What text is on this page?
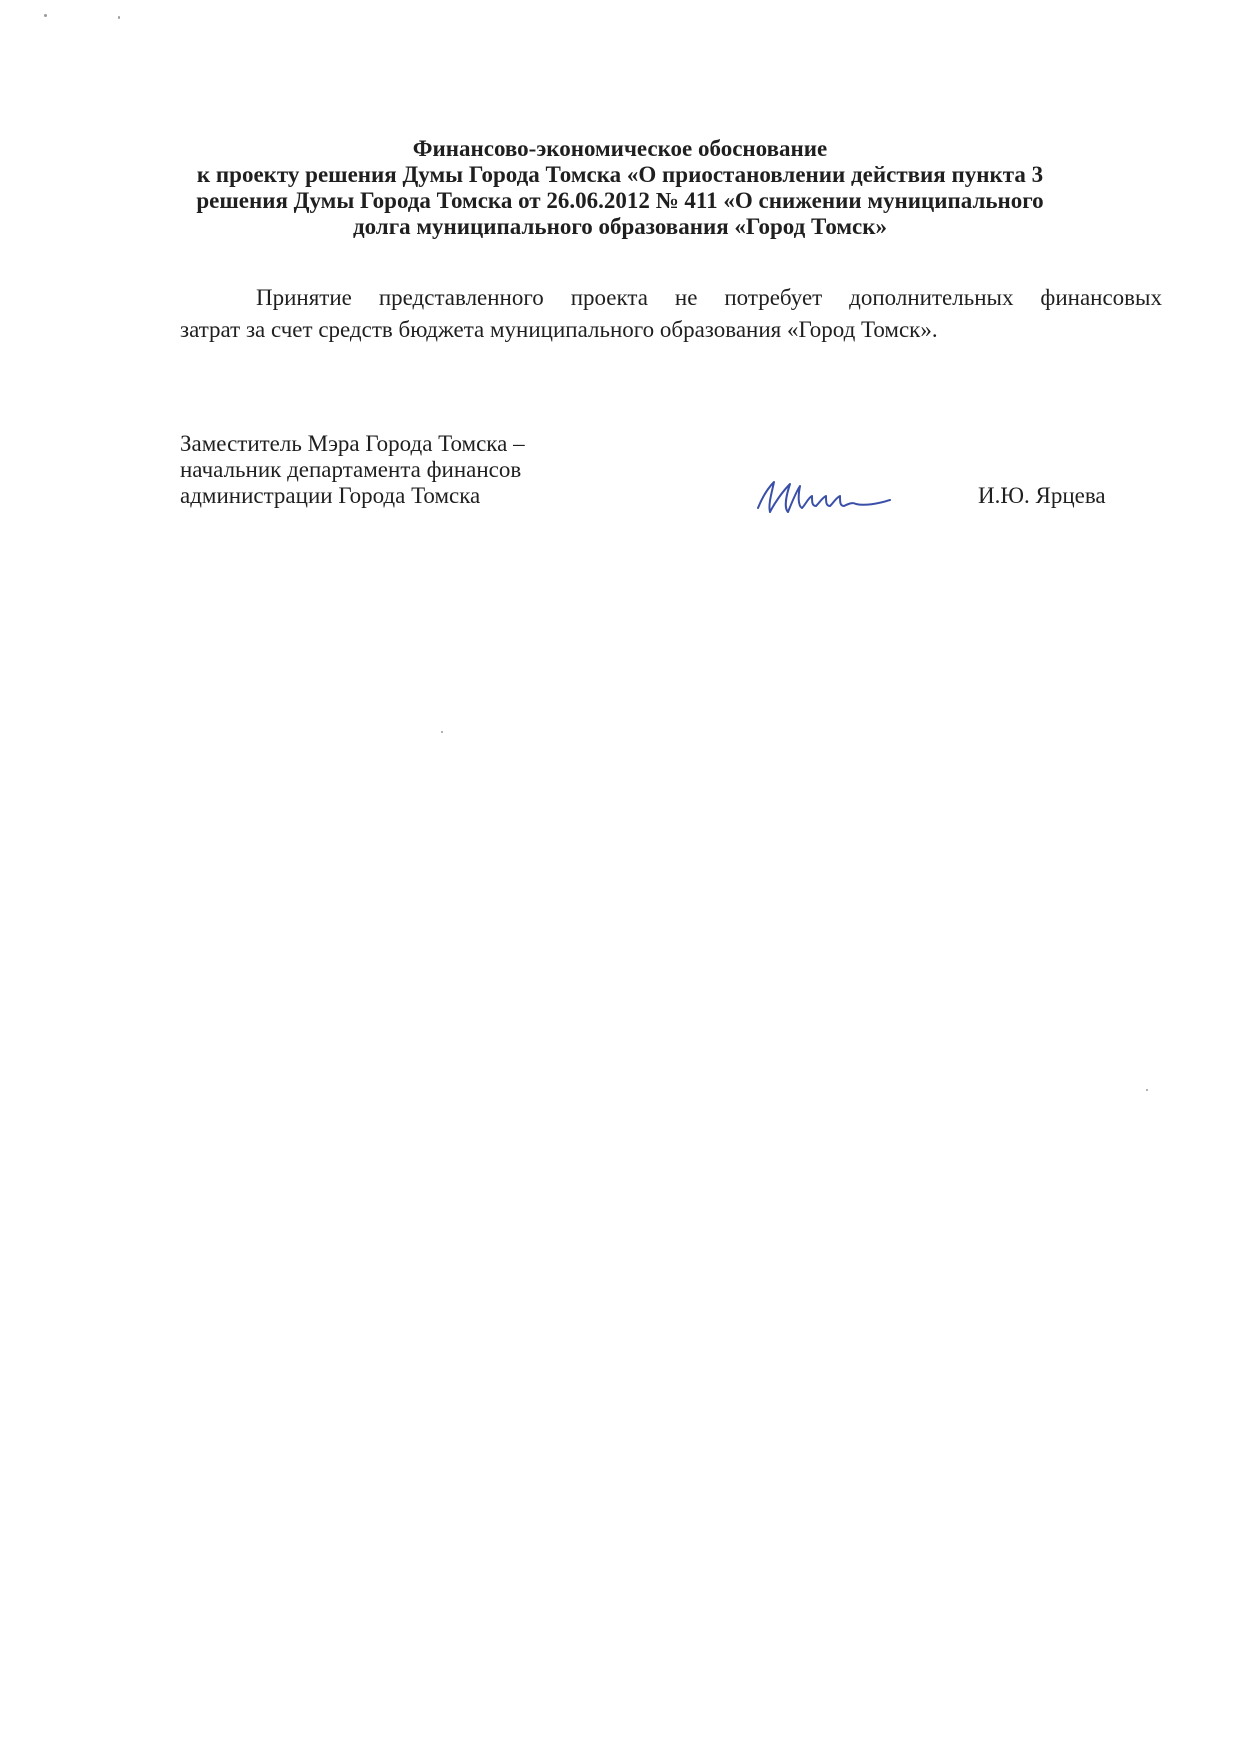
Финансово-экономическое обоснование
к проекту решения Думы Города Томска «О приостановлении действия пункта 3
решения Думы Города Томска от 26.06.2012 № 411 «О снижении муниципального
долга муниципального образования «Город Томск»
Принятие представленного проекта не потребует дополнительных финансовых
затрат за счет средств бюджета муниципального образования «Город Томск».
Заместитель Мэра Города Томска –
начальник департамента финансов
администрации Города Томска	И.Ю. Ярцева
